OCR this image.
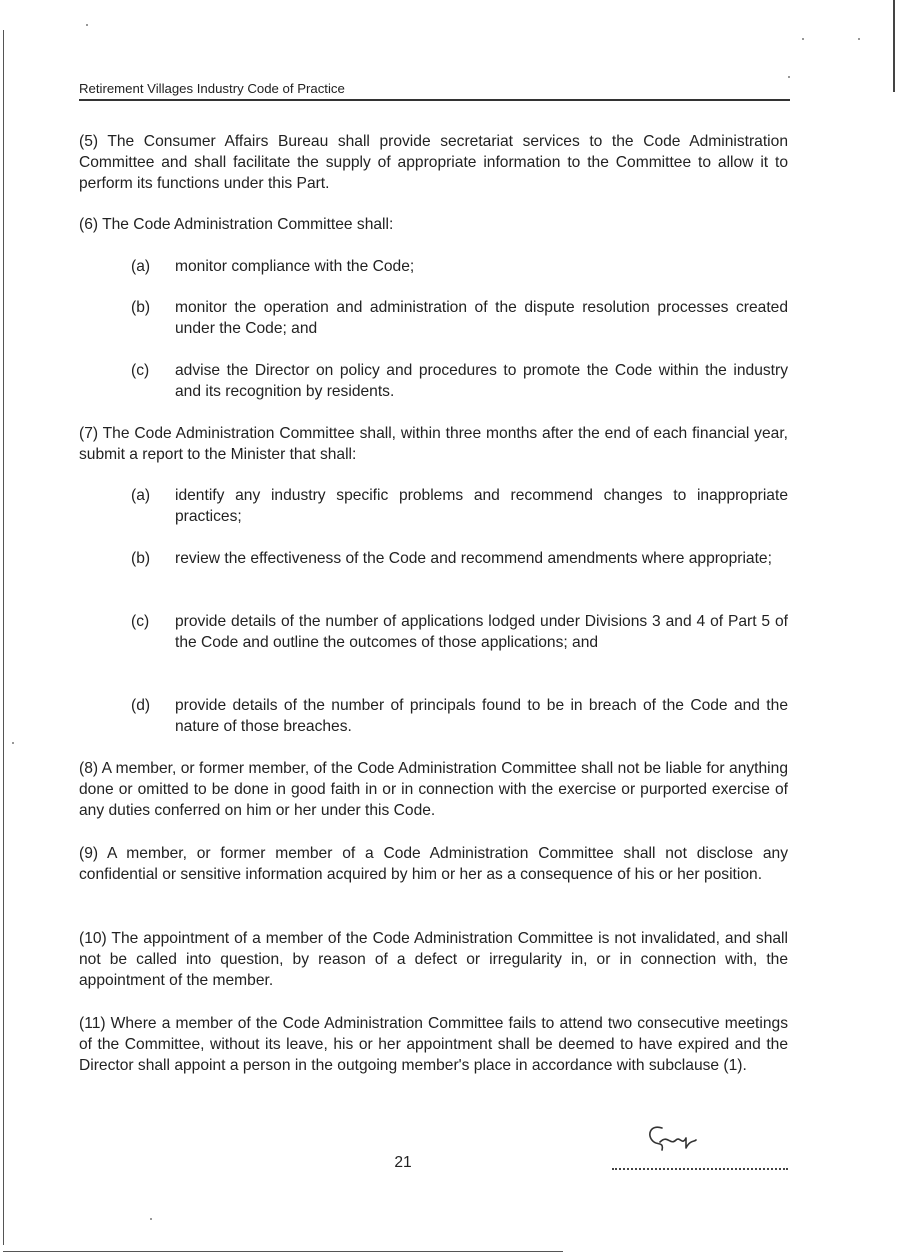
Retirement Villages Industry Code of Practice

(5) The Consumer Affairs Bureau shall provide secretariat services to the Code Administration Committee and shall facilitate the supply of appropriate information to the Committee to allow it to perform its functions under this Part.

(6) The Code Administration Committee shall:

(a)	monitor compliance with the Code;
(b)	monitor the operation and administration of the dispute resolution processes created under the Code; and
(c)	advise the Director on policy and procedures to promote the Code within the industry and its recognition by residents.

(7) The Code Administration Committee shall, within three months after the end of each financial year, submit a report to the Minister that shall:

(a)	identify any industry specific problems and recommend changes to inappropriate practices;
(b)	review the effectiveness of the Code and recommend amendments where appropriate;
(c)	provide details of the number of applications lodged under Divisions 3 and 4 of Part 5 of the Code and outline the outcomes of those applications; and
(d)	provide details of the number of principals found to be in breach of the Code and the nature of those breaches.

(8) A member, or former member, of the Code Administration Committee shall not be liable for anything done or omitted to be done in good faith in or in connection with the exercise or purported exercise of any duties conferred on him or her under this Code.

(9) A member, or former member of a Code Administration Committee shall not disclose any confidential or sensitive information acquired by him or her as a consequence of his or her position.

(10) The appointment of a member of the Code Administration Committee is not invalidated, and shall not be called into question, by reason of a defect or irregularity in, or in connection with, the appointment of the member.

(11) Where a member of the Code Administration Committee fails to attend two consecutive meetings of the Committee, without its leave, his or her appointment shall be deemed to have expired and the Director shall appoint a person in the outgoing member's place in accordance with subclause (1).

21
